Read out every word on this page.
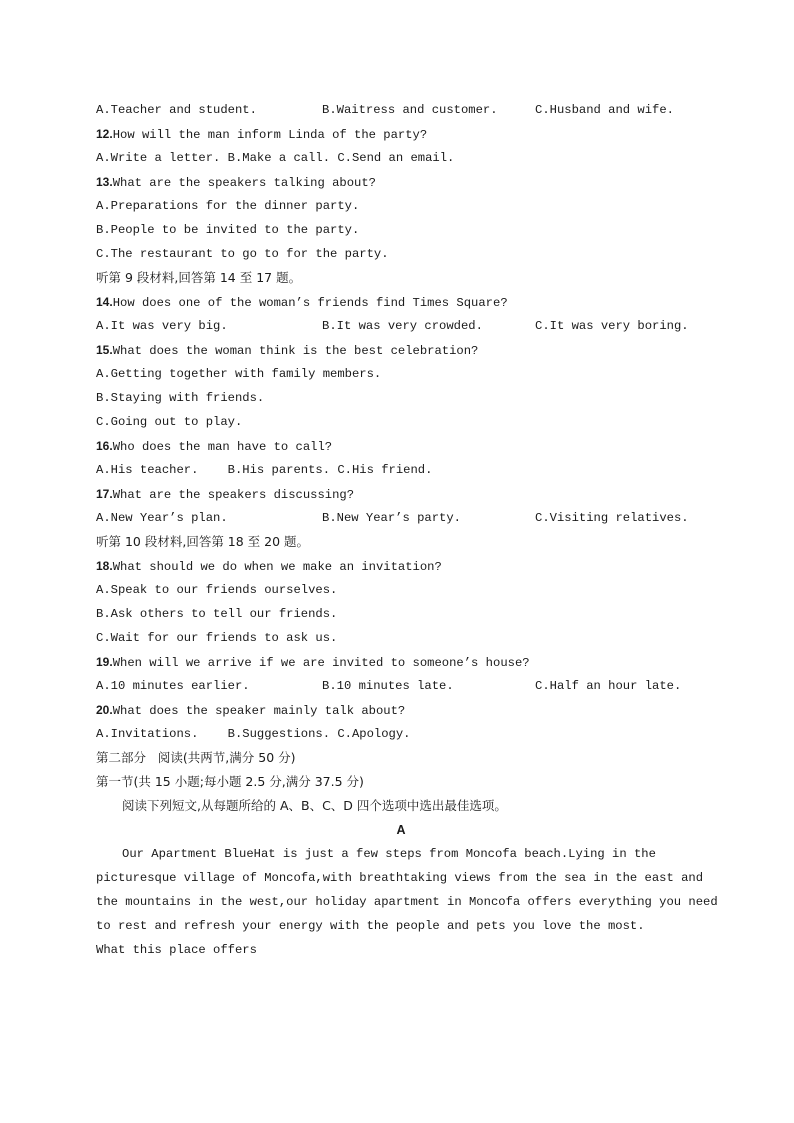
A.Teacher and student.	B.Waitress and customer.	C.Husband and wife.
12.How will the man inform Linda of the party?
A.Write a letter. B.Make a call. C.Send an email.
13.What are the speakers talking about?
A.Preparations for the dinner party.
B.People to be invited to the party.
C.The restaurant to go to for the party.
听第 9 段材料,回答第 14 至 17 题。
14.How does one of the woman’s friends find Times Square?
A.It was very big.	B.It was very crowded.	C.It was very boring.
15.What does the woman think is the best celebration?
A.Getting together with family members.
B.Staying with friends.
C.Going out to play.
16.Who does the man have to call?
A.His teacher.    B.His parents. C.His friend.
17.What are the speakers discussing?
A.New Year’s plan.	B.New Year’s party.	C.Visiting relatives.
听第 10 段材料,回答第 18 至 20 题。
18.What should we do when we make an invitation?
A.Speak to our friends ourselves.
B.Ask others to tell our friends.
C.Wait for our friends to ask us.
19.When will we arrive if we are invited to someone’s house?
A.10 minutes earlier.	B.10 minutes late.	C.Half an hour late.
20.What does the speaker mainly talk about?
A.Invitations.    B.Suggestions. C.Apology.
第二部分   阅读(共两节,满分 50 分)
第一节(共 15 小题;每小题 2.5 分,满分 37.5 分)
阅读下列短文,从每题所给的 A、B、C、D 四个选项中选出最佳选项。
A
Our Apartment BlueHat is just a few steps from Moncofa beach.Lying in the
picturesque village of Moncofa,with breathtaking views from the sea in the east and
the mountains in the west,our holiday apartment in Moncofa offers everything you need
to rest and refresh your energy with the people and pets you love the most.
What this place offers
